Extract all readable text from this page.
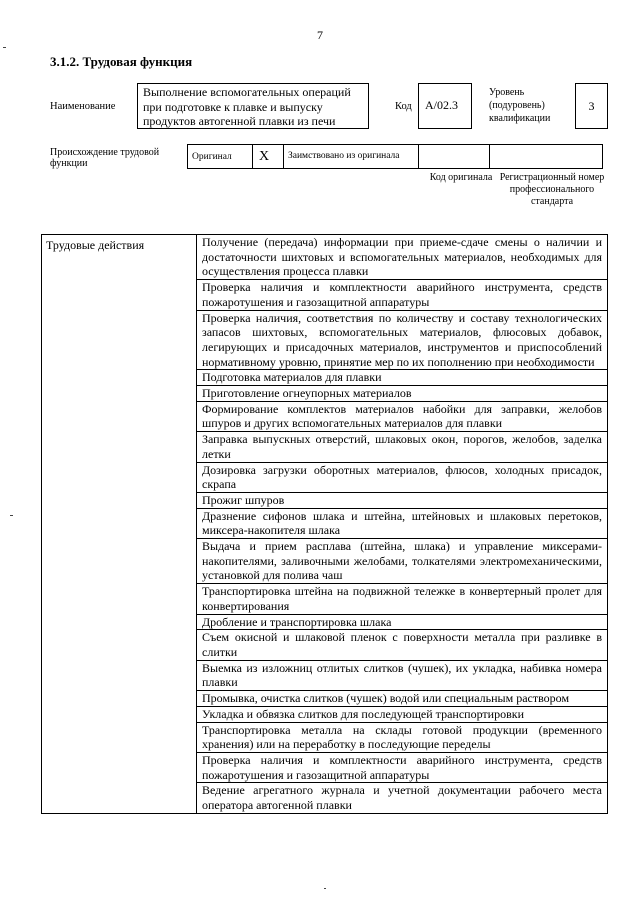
7
3.1.2. Трудовая функция
Наименование
Выполнение вспомогательных операций при подготовке к плавке и выпуску продуктов автогенной плавки из печи
Код	А/02.3
Уровень (подуровень) квалификации
3
Происхождение трудовой функции
Оригинал	X	Заимствовано из оригинала		
Код оригинала Регистрационный номер профессионального стандарта
Трудовые действия	Получение (передача) информации при приеме-сдаче смены о наличии и достаточности шихтовых и вспомогательных материалов, необходимых для осуществления процесса плавки
Проверка наличия и комплектности аварийного инструмента, средств пожаротушения и газозащитной аппаратуры
Проверка наличия, соответствия по количеству и составу технологических запасов шихтовых, вспомогательных материалов, флюсовых добавок, легирующих и присадочных материалов, инструментов и приспособлений нормативному уровню, принятие мер по их пополнению при необходимости
Подготовка материалов для плавки
Приготовление огнеупорных материалов
Формирование комплектов материалов набойки для заправки, желобов шпуров и других вспомогательных материалов для плавки
Заправка выпускных отверстий, шлаковых окон, порогов, желобов, заделка летки
Дозировка загрузки оборотных материалов, флюсов, холодных присадок, скрапа
Прожиг шпуров
Дразнение сифонов шлака и штейна, штейновых и шлаковых перетоков, миксера-накопителя шлака
Выдача и прием расплава (штейна, шлака) и управление миксерами-накопителями, заливочными желобами, толкателями электромеханическими, установкой для полива чаш
Транспортировка штейна на подвижной тележке в конвертерный пролет для конвертирования
Дробление и транспортировка шлака
Съем окисной и шлаковой пленок с поверхности металла при разливке в слитки
Выемка из изложниц отлитых слитков (чушек), их укладка, набивка номера плавки
Промывка, очистка слитков (чушек) водой или специальным раствором
Укладка и обвязка слитков для последующей транспортировки
Транспортировка металла на склады готовой продукции (временного хранения) или на переработку в последующие переделы
Проверка наличия и комплектности аварийного инструмента, средств пожаротушения и газозащитной аппаратуры
Ведение агрегатного журнала и учетной документации рабочего места оператора автогенной плавки
